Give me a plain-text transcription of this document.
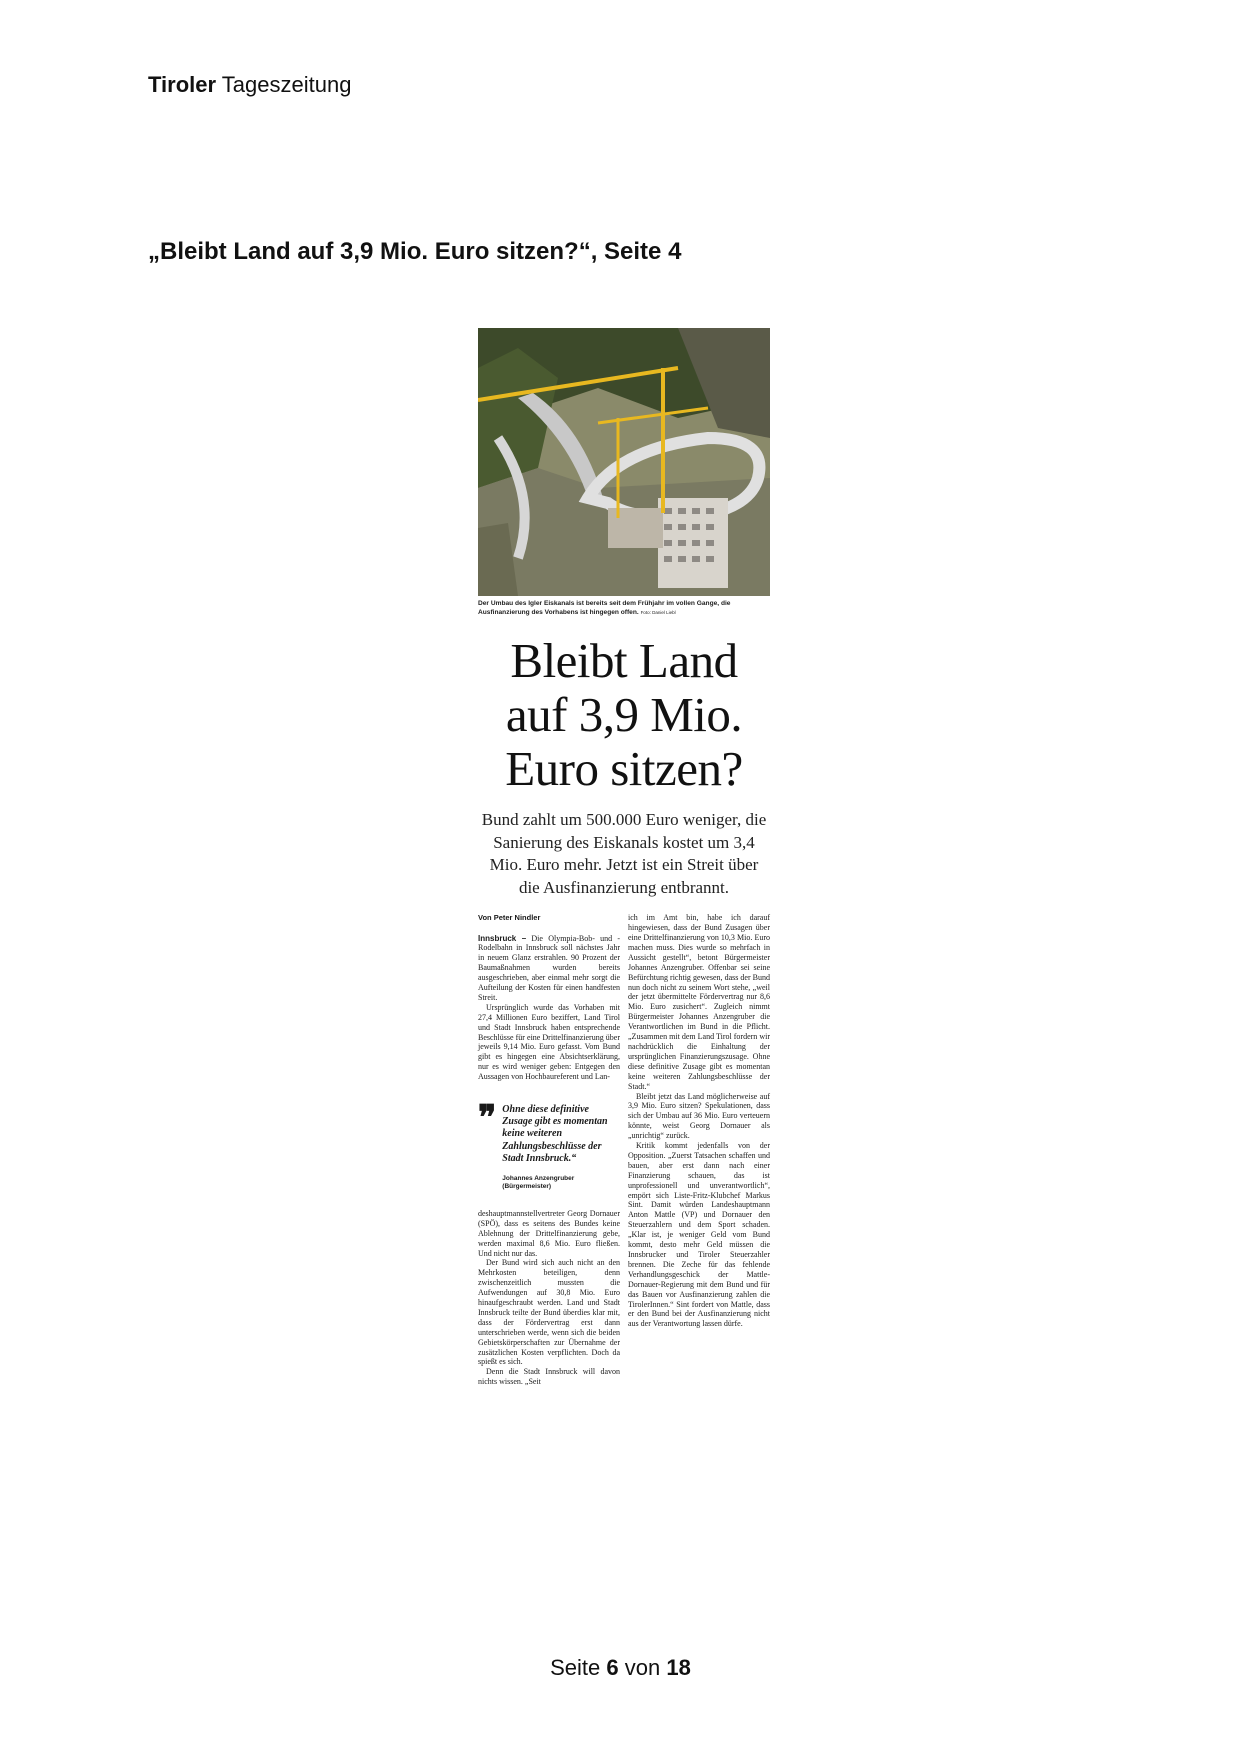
Tiroler Tageszeitung
„Bleibt Land auf 3,9 Mio. Euro sitzen?“, Seite 4
Der Umbau des Igler Eiskanals ist bereits seit dem Frühjahr im vollen Gange, die Ausfinanzierung des Vorhabens ist hingegen offen. Foto: Daniel Liebl
Bleibt Land
auf 3,9 Mio.
Euro sitzen?
Bund zahlt um 500.000 Euro weniger, die Sanierung des Eiskanals kostet um 3,4 Mio. Euro mehr. Jetzt ist ein Streit über die Ausfinanzierung entbrannt.
Von Peter Nindler

Innsbruck – Die Olympia-Bob- und -Rodelbahn in Innsbruck soll nächstes Jahr in neuem Glanz erstrahlen. 90 Prozent der Baumaßnahmen wurden bereits ausgeschrieben, aber einmal mehr sorgt die Aufteilung der Kosten für einen handfesten Streit.

Ursprünglich wurde das Vorhaben mit 27,4 Millionen Euro beziffert, Land Tirol und Stadt Innsbruck haben entsprechende Beschlüsse für eine Drittelfinanzierung über jeweils 9,14 Mio. Euro gefasst. Vom Bund gibt es hingegen eine Absichtserklärung, nur es wird weniger geben: Entgegen den Aussagen von Hochbaureferent und Lan-

❞ Ohne diese definitive Zusage gibt es momentan keine weiteren Zahlungsbeschlüsse der Stadt Innsbruck.“
Johannes Anzengruber
(Bürgermeister)

deshauptmannstellvertreter Georg Dornauer (SPÖ), dass es seitens des Bundes keine Ablehnung der Drittelfinanzierung gebe, werden maximal 8,6 Mio. Euro fließen. Und nicht nur das.

Der Bund wird sich auch nicht an den Mehrkosten beteiligen, denn zwischenzeitlich mussten die Aufwendungen auf 30,8 Mio. Euro hinaufgeschraubt werden. Land und Stadt Innsbruck teilte der Bund überdies klar mit, dass der Fördervertrag erst dann unterschrieben werde, wenn sich die beiden Gebietskörperschaften zur Übernahme der zusätzlichen Kosten verpflichten. Doch da spießt es sich.

Denn die Stadt Innsbruck will davon nichts wissen. „Seit

ich im Amt bin, habe ich darauf hingewiesen, dass der Bund Zusagen über eine Drittelfinanzierung von 10,3 Mio. Euro machen muss. Dies wurde so mehrfach in Aussicht gestellt“, betont Bürgermeister Johannes Anzengruber. Offenbar sei seine Befürchtung richtig gewesen, dass der Bund nun doch nicht zu seinem Wort stehe, „weil der jetzt übermittelte Fördervertrag nur 8,6 Mio. Euro zusichert“. Zugleich nimmt Bürgermeister Johannes Anzengruber die Verantwortlichen im Bund in die Pflicht. „Zusammen mit dem Land Tirol fordern wir nachdrücklich die Einhaltung der ursprünglichen Finanzierungszusage. Ohne diese definitive Zusage gibt es momentan keine weiteren Zahlungsbeschlüsse der Stadt.“

Bleibt jetzt das Land möglicherweise auf 3,9 Mio. Euro sitzen? Spekulationen, dass sich der Umbau auf 36 Mio. Euro verteuern könnte, weist Georg Dornauer als „unrichtig“ zurück.

Kritik kommt jedenfalls von der Opposition. „Zuerst Tatsachen schaffen und bauen, aber erst dann nach einer Finanzierung schauen, das ist unprofessionell und unverantwortlich“, empört sich Liste-Fritz-Klubchef Markus Sint. Damit würden Landeshauptmann Anton Mattle (VP) und Dornauer den Steuerzahlern und dem Sport schaden. „Klar ist, je weniger Geld vom Bund kommt, desto mehr Geld müssen die Innsbrucker und Tiroler Steuerzahler brennen. Die Zeche für das fehlende Verhandlungsgeschick der Mattle-Dornauer-Regierung mit dem Bund und für das Bauen vor Ausfinanzierung zahlen die TirolerInnen.“ Sint fordert von Mattle, dass er den Bund bei der Ausfinanzierung nicht aus der Verantwortung lassen dürfe.

Seite 6 von 18
